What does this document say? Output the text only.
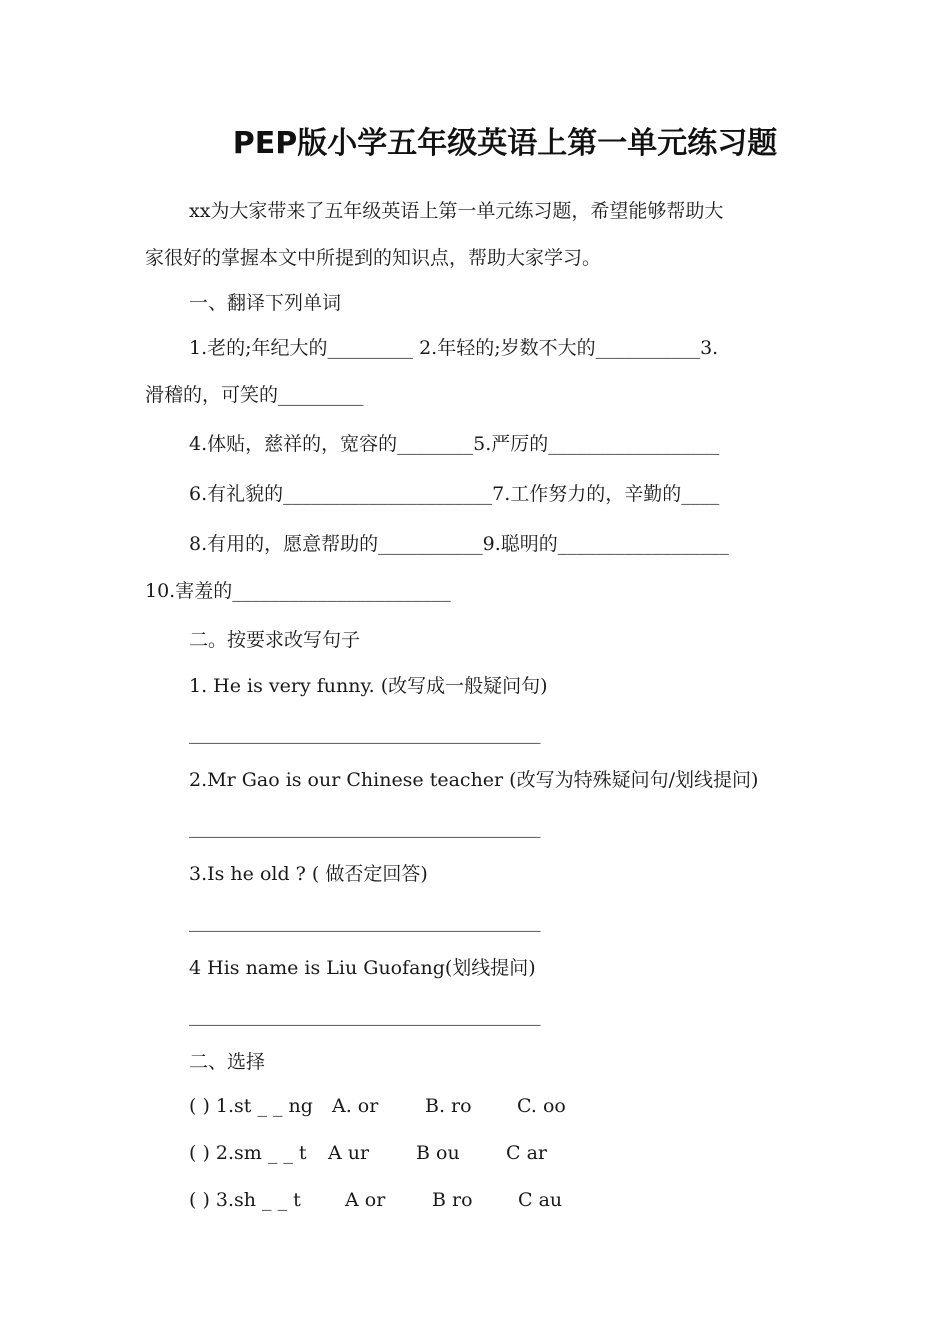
PEP版小学五年级英语上第一单元练习题
xx为大家带来了五年级英语上第一单元练习题，希望能够帮助大
家很好的掌握本文中所提到的知识点，帮助大家学习。
一、翻译下列单词
1.老的;年纪大的_________ 2.年轻的;岁数不大的___________3.
滑稽的，可笑的_________
4.体贴，慈祥的，宽容的________5.严厉的__________________
6.有礼貌的______________________7.工作努力的，辛勤的____
8.有用的，愿意帮助的___________9.聪明的__________________
10.害羞的_______________________
二。按要求改写句子
1. He is very funny. (改写成一般疑问句)
_____________________________________
2.Mr Gao is our Chinese teacher (改写为特殊疑问句/划线提问)
_____________________________________
3.Is he old ? ( 做否定回答)
_____________________________________
4 His name is Liu Guofang(划线提问)
_____________________________________
二、选择
( ) 1.st _ _ ng A. or B. ro C. oo
( ) 2.sm _ _ t A ur B ou C ar
( ) 3.sh _ _ t A or B ro C au
